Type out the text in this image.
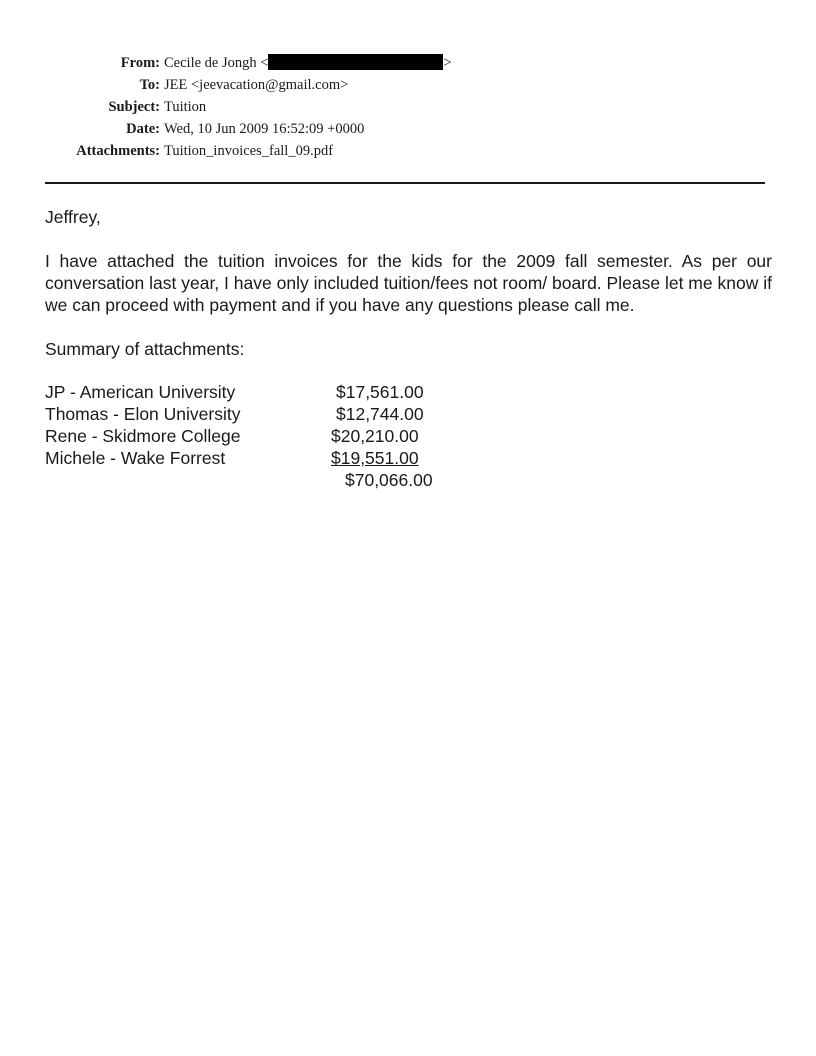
From: Cecile de Jongh <	>
To: JEE <jeevacation@gmail.com>
Subject: Tuition
Date: Wed, 10 Jun 2009 16:52:09 +0000
Attachments: Tuition_invoices_fall_09.pdf
Jeffrey,
I have attached the tuition invoices for the kids for the 2009 fall semester. As per our conversation last year, I have only included tuition/fees not room/ board. Please let me know if we can proceed with payment and if you have any questions please call me.
Summary of attachments:
JP - American University	$17,561.00
Thomas - Elon University	$12,744.00
Rene - Skidmore College	$20,210.00
Michele - Wake Forrest	$19,551.00
$70,066.00
